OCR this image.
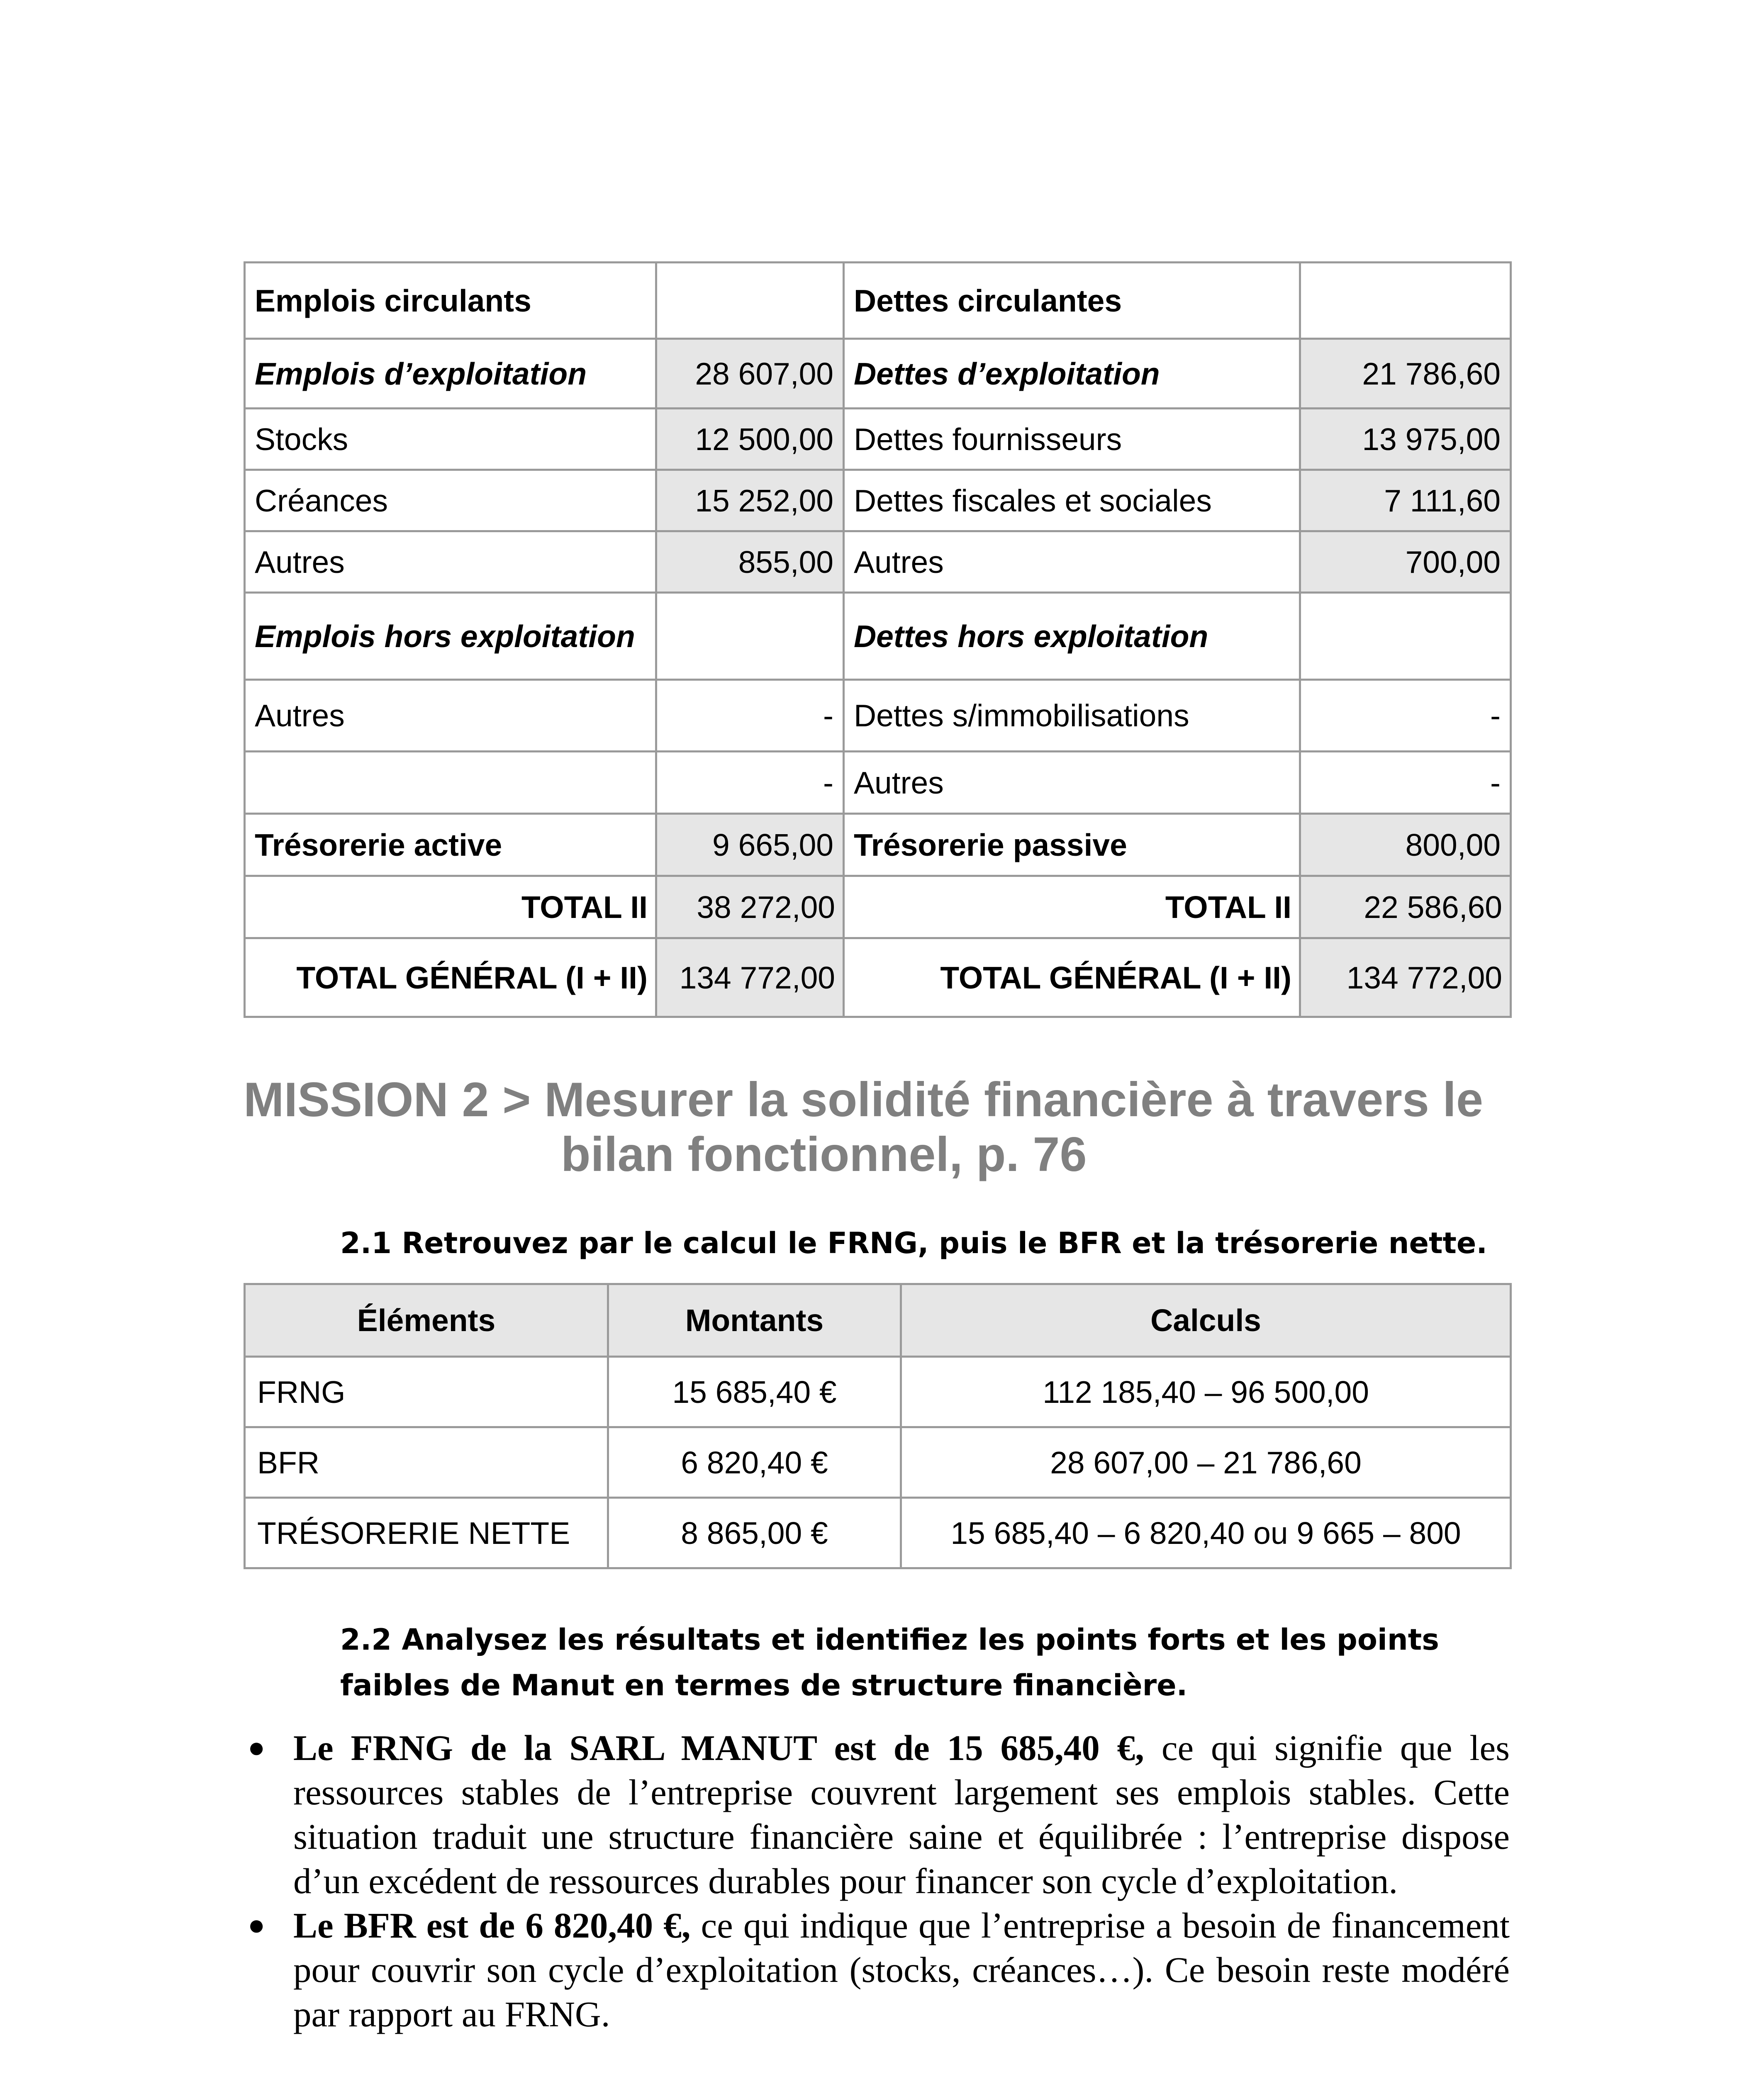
Emplois circulants		Dettes circulantes	
Emplois d’exploitation	28 607,00	Dettes d’exploitation	21 786,60
Stocks	12 500,00	Dettes fournisseurs	13 975,00
Créances	15 252,00	Dettes fiscales et sociales	7 111,60
Autres	855,00	Autres	700,00
Emplois hors exploitation		Dettes hors exploitation	
Autres	-	Dettes s/immobilisations	-
	-	Autres	-
Trésorerie active	9 665,00	Trésorerie passive	800,00
TOTAL II	38 272,00	TOTAL II	22 586,60
TOTAL GÉNÉRAL (I + II)	134 772,00	TOTAL GÉNÉRAL (I + II)	134 772,00
MISSION 2 > Mesurer la solidité financière à travers le
bilan fonctionnel, p. 76
2.1 Retrouvez par le calcul le FRNG, puis le BFR et la trésorerie nette.
Éléments	Montants	Calculs
FRNG	15 685,40 €	112 185,40 – 96 500,00
BFR	6 820,40 €	28 607,00 – 21 786,60
TRÉSORERIE NETTE	8 865,00 €	15 685,40 – 6 820,40 ou 9 665 – 800
2.2 Analysez les résultats et identifiez les points forts et les points faibles de Manut en termes de structure financière.
● Le FRNG de la SARL MANUT est de 15 685,40 €, ce qui signifie que les ressources stables de l’entreprise couvrent largement ses emplois stables. Cette situation traduit une structure financière saine et équilibrée : l’entreprise dispose d’un excédent de ressources durables pour financer son cycle d’exploitation.
● Le BFR est de 6 820,40 €, ce qui indique que l’entreprise a besoin de financement pour couvrir son cycle d’exploitation (stocks, créances…). Ce besoin reste modéré par rapport au FRNG.
